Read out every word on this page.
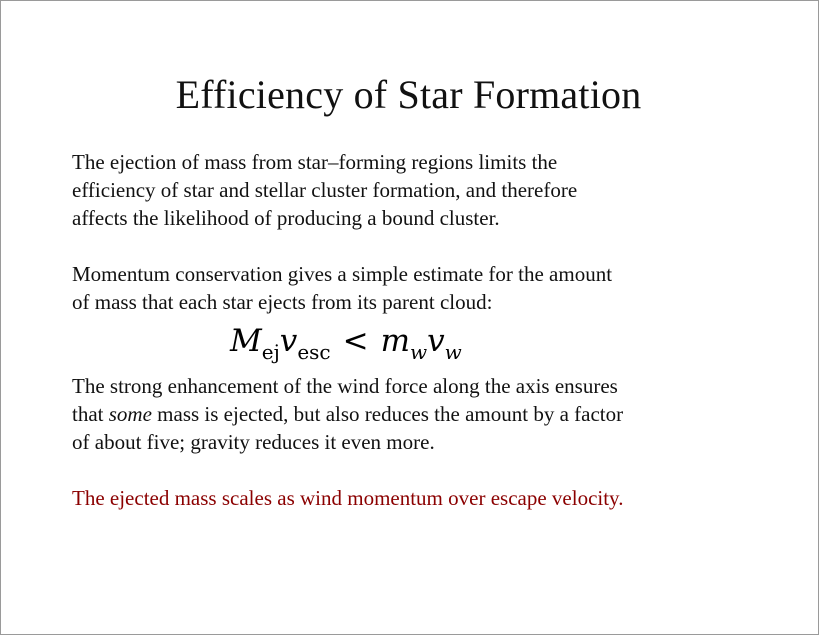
Efficiency of Star Formation

The ejection of mass from star–forming regions limits the
efficiency of star and stellar cluster formation, and therefore
affects the likelihood of producing a bound cluster.

Momentum conservation gives a simple estimate for the amount
of mass that each star ejects from its parent cloud:

$M_{ej}v_{esc} < m_wv_w$

The strong enhancement of the wind force along the axis ensures
that some mass is ejected, but also reduces the amount by a factor
of about five; gravity reduces it even more.

The ejected mass scales as wind momentum over escape velocity.
